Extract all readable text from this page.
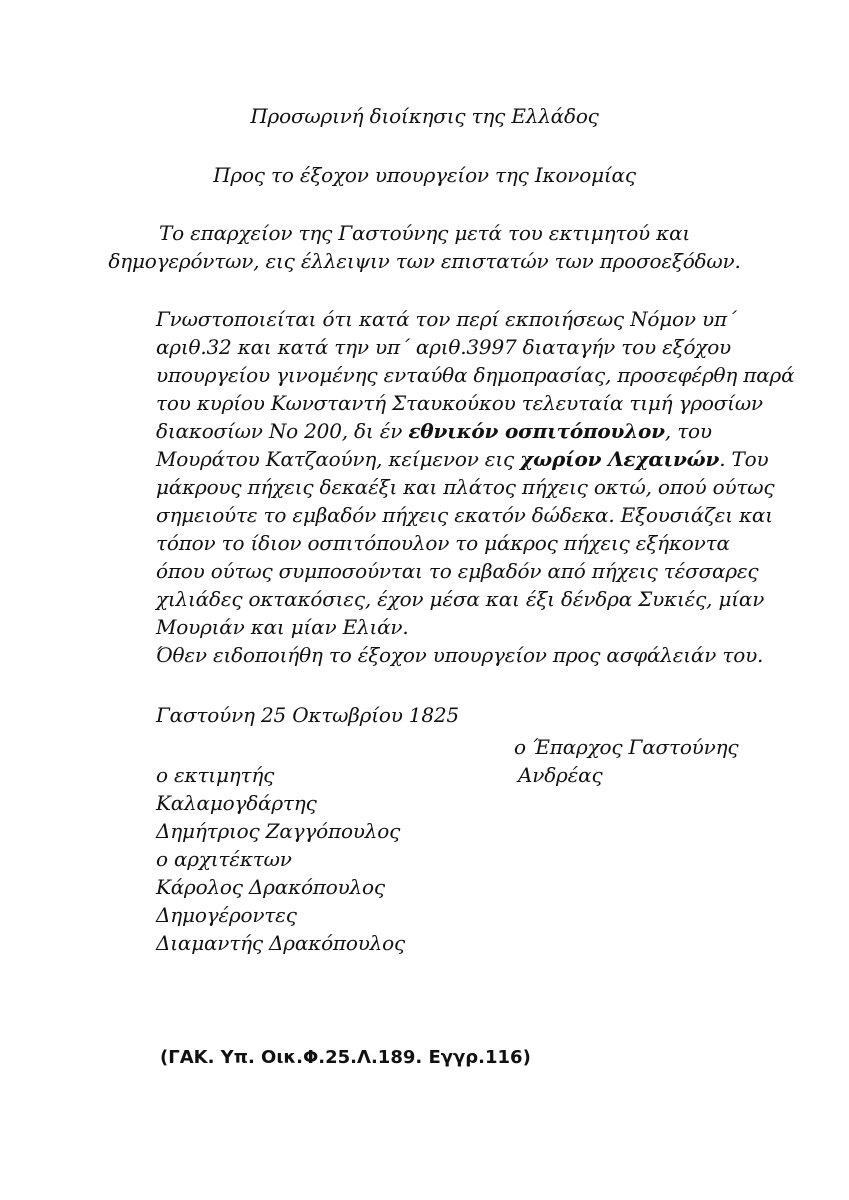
Προσωρινή διοίκησις της Ελλάδος
Προς το έξοχον υπουργείον της Ικονομίας
Το επαρχείον της Γαστούνης μετά του εκτιμητού και
δημογερόντων, εις έλλειψιν των επιστατών των προσοεξόδων.
Γνωστοποιείται ότι κατά τον περί εκποιήσεως Νόμον υπ΄
αριθ.32 και κατά την υπ΄ αριθ.3997 διαταγήν του εξόχου
υπουργείου γινομένης ενταύθα δημοπρασίας, προσεφέρθη παρά
του κυρίου Κωνσταντή Σταυκούκου τελευταία τιμή γροσίων
διακοσίων Νο 200, δι έν εθνικόν οσπιτόπουλον, του
Μουράτου Κατζαούνη, κείμενον εις χωρίον Λεχαινών. Του
μάκρους πήχεις δεκαέξι και πλάτος πήχεις οκτώ, οπού ούτως
σημειούτε το εμβαδόν πήχεις εκατόν δώδεκα. Εξουσιάζει και
τόπον το ίδιον οσπιτόπουλον το μάκρος πήχεις εξήκοντα
όπου ούτως συμποσούνται το εμβαδόν από πήχεις τέσσαρες
χιλιάδες οκτακόσιες, έχον μέσα και έξι δένδρα Συκιές, μίαν
Μουριάν και μίαν Ελιάν.
Όθεν ειδοποιήθη το έξοχον υπουργείον προς ασφάλειάν του.
Γαστούνη 25 Οκτωβρίου 1825
ο Έπαρχος Γαστούνης
Ανδρέας
ο εκτιμητής
Καλαμογδάρτης
Δημήτριος Ζαγγόπουλος
ο αρχιτέκτων
Κάρολος Δρακόπουλος
Δημογέροντες
Διαμαντής Δρακόπουλος
(ΓΑΚ. Υπ. Οικ.Φ.25.Λ.189. Εγγρ.116)
